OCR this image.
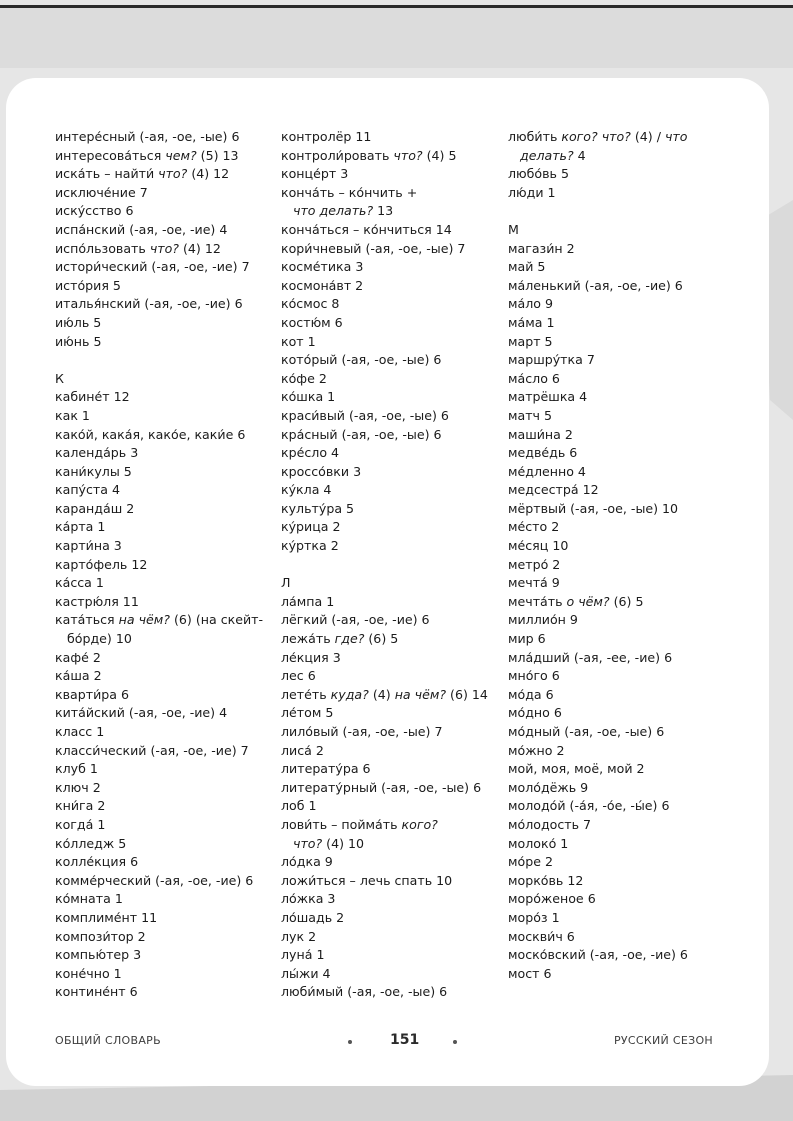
интере́сный (-ая, -ое, -ые) 6
интересова́ться чем? (5) 13
иска́ть – найти́ что? (4) 12
исключе́ние 7
иску́сство 6
испа́нский (-ая, -ое, -ие) 4
испо́льзовать что? (4) 12
истори́ческий (-ая, -ое, -ие) 7
исто́рия 5
италья́нский (-ая, -ое, -ие) 6
ию́ль 5
ию́нь 5
К
кабине́т 12
как 1
како́й, кака́я, како́е, каки́е 6
календа́рь 3
кани́кулы 5
капу́ста 4
каранда́ш 2
ка́рта 1
карти́на 3
карто́фель 12
ка́сса 1
кастрю́ля 11
ката́ться на чём? (6) (на скейт-
бо́рде) 10
кафе́ 2
ка́ша 2
кварти́ра 6
кита́йский (-ая, -ое, -ие) 4
класс 1
класси́ческий (-ая, -ое, -ие) 7
клуб 1
ключ 2
кни́га 2
когда́ 1
ко́лледж 5
колле́кция 6
комме́рческий (-ая, -ое, -ие) 6
ко́мната 1
комплиме́нт 11
компози́тор 2
компью́тер 3
коне́чно 1
контине́нт 6
контролёр 11
контроли́ровать что? (4) 5
конце́рт 3
конча́ть – ко́нчить +
что делать? 13
конча́ться – ко́нчиться 14
кори́чневый (-ая, -ое, -ые) 7
косме́тика 3
космона́вт 2
ко́смос 8
костю́м 6
кот 1
кото́рый (-ая, -ое, -ые) 6
ко́фе 2
ко́шка 1
краси́вый (-ая, -ое, -ые) 6
кра́сный (-ая, -ое, -ые) 6
кре́сло 4
кроссо́вки 3
ку́кла 4
культу́ра 5
ку́рица 2
ку́ртка 2
Л
ла́мпа 1
лёгкий (-ая, -ое, -ие) 6
лежа́ть где? (6) 5
ле́кция 3
лес 6
лете́ть куда? (4) на чём? (6) 14
ле́том 5
лило́вый (-ая, -ое, -ые) 7
лиса́ 2
литерату́ра 6
литерату́рный (-ая, -ое, -ые) 6
лоб 1
лови́ть – пойма́ть кого?
что? (4) 10
ло́дка 9
ложи́ться – лечь спать 10
ло́жка 3
ло́шадь 2
лук 2
луна́ 1
лы́жи 4
люби́мый (-ая, -ое, -ые) 6
люби́ть кого? что? (4) / что
делать? 4
любо́вь 5
лю́ди 1
М
магази́н 2
май 5
ма́ленький (-ая, -ое, -ие) 6
ма́ло 9
ма́ма 1
март 5
маршру́тка 7
ма́сло 6
матрёшка 4
матч 5
маши́на 2
медве́дь 6
ме́дленно 4
медсестра́ 12
мёртвый (-ая, -ое, -ые) 10
ме́сто 2
ме́сяц 10
метро́ 2
мечта́ 9
мечта́ть о чём? (6) 5
миллио́н 9
мир 6
мла́дший (-ая, -ее, -ие) 6
мно́го 6
мо́да 6
мо́дно 6
мо́дный (-ая, -ое, -ые) 6
мо́жно 2
мой, моя, моё, мой 2
моло́дёжь 9
молодо́й (-а́я, -о́е, -ы́е) 6
мо́лодость 7
молоко́ 1
мо́ре 2
морко́вь 12
моро́женое 6
моро́з 1
москви́ч 6
моско́вский (-ая, -ое, -ие) 6
мост 6
ОБЩИЙ СЛОВАРЬ	151	РУССКИЙ СЕЗОН
